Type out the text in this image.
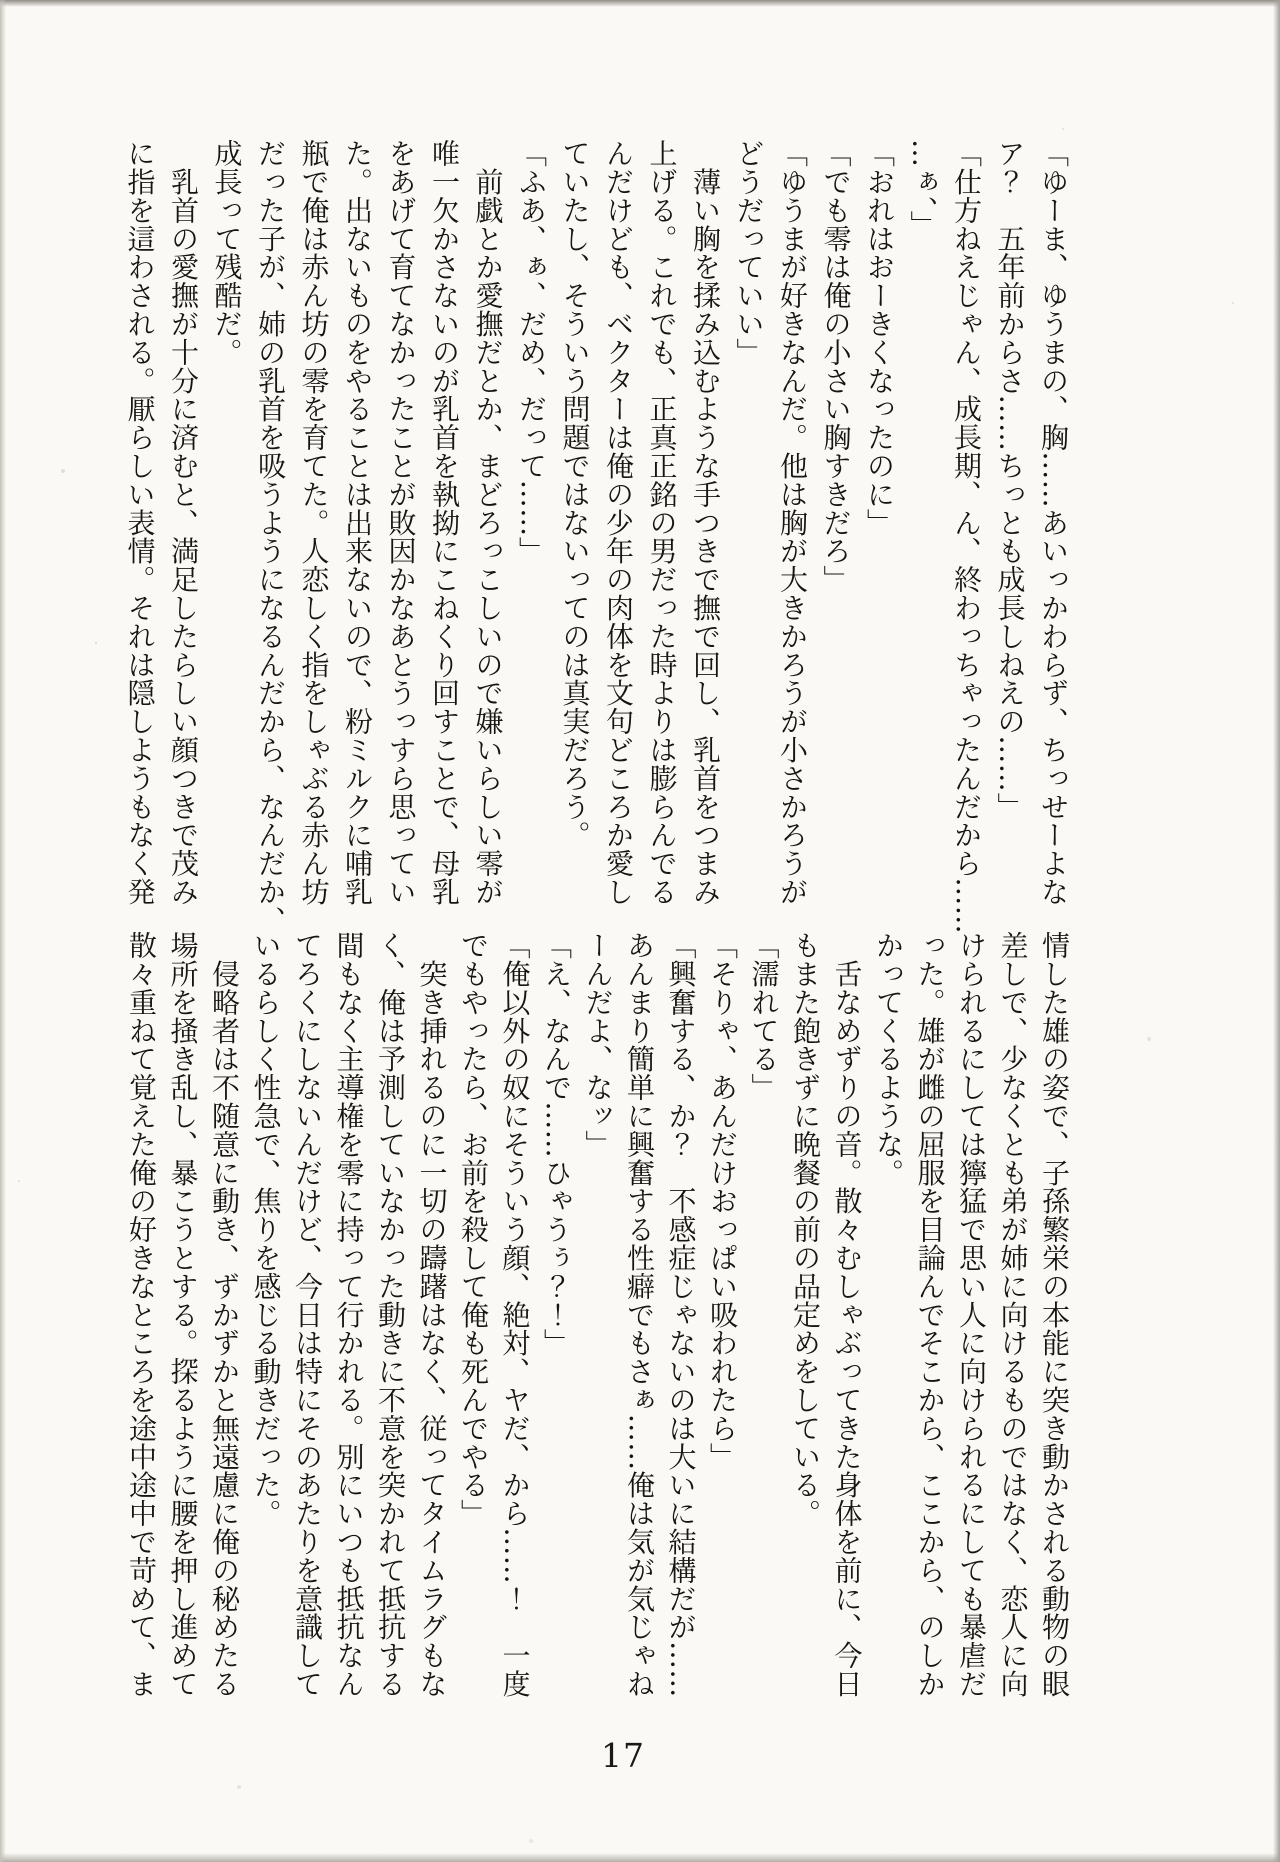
「ゆーま、ゆうまの、胸……あいっかわらず、ちっせーよな
ア？　五年前からさ……ちっとも成長しねえの……」
「仕方ねえじゃん、成長期、ん、終わっちゃったんだから……
…ぁ、」
「おれはおーきくなったのに」
「でも零は俺の小さい胸すきだろ」
「ゆうまが好きなんだ。他は胸が大きかろうが小さかろうが
どうだっていい」
　薄い胸を揉み込むような手つきで撫で回し、乳首をつまみ
上げる。これでも、正真正銘の男だった時よりは膨らんでる
んだけども、ベクターは俺の少年の肉体を文句どころか愛し
ていたし、そういう問題ではないってのは真実だろう。
「ふあ、ぁ、だめ、だって……」
　前戯とか愛撫だとか、まどろっこしいので嫌いらしい零が
唯一欠かさないのが乳首を執拗にこねくり回すことで、母乳
をあげて育てなかったことが敗因かなあとうっすら思ってい
た。出ないものをやることは出来ないので、粉ミルクに哺乳
瓶で俺は赤ん坊の零を育てた。人恋しく指をしゃぶる赤ん坊
だった子が、姉の乳首を吸うようになるんだから、なんだか、
成長って残酷だ。
　乳首の愛撫が十分に済むと、満足したらしい顔つきで茂み
に指を這わされる。厭らしい表情。それは隠しようもなく発
情した雄の姿で、子孫繁栄の本能に突き動かされる動物の眼
差しで、少なくとも弟が姉に向けるものではなく、恋人に向
けられるにしては獰猛で思い人に向けられるにしても暴虐だ
った。雄が雌の屈服を目論んでそこから、ここから、のしか
かってくるような。
　舌なめずりの音。散々むしゃぶってきた身体を前に、今日
もまた飽きずに晩餐の前の品定めをしている。
「濡れてる」
「そりゃ、あんだけおっぱい吸われたら」
「興奮する、か？　不感症じゃないのは大いに結構だが……
あんまり簡単に興奮する性癖でもさぁ……俺は気が気じゃね
ーんだよ、なッ」
「え、なんで……ひゃうぅ？！」
「俺以外の奴にそういう顔、絶対、ヤだ、から……！　一度
でもやったら、お前を殺して俺も死んでやる」
　突き挿れるのに一切の躊躇はなく、従ってタイムラグもな
く、俺は予測していなかった動きに不意を突かれて抵抗する
間もなく主導権を零に持って行かれる。別にいつも抵抗なん
てろくにしないんだけど、今日は特にそのあたりを意識して
いるらしく性急で、焦りを感じる動きだった。
　侵略者は不随意に動き、ずかずかと無遠慮に俺の秘めたる
場所を掻き乱し、暴こうとする。探るように腰を押し進めて
散々重ねて覚えた俺の好きなところを途中途中で苛めて、ま
17
